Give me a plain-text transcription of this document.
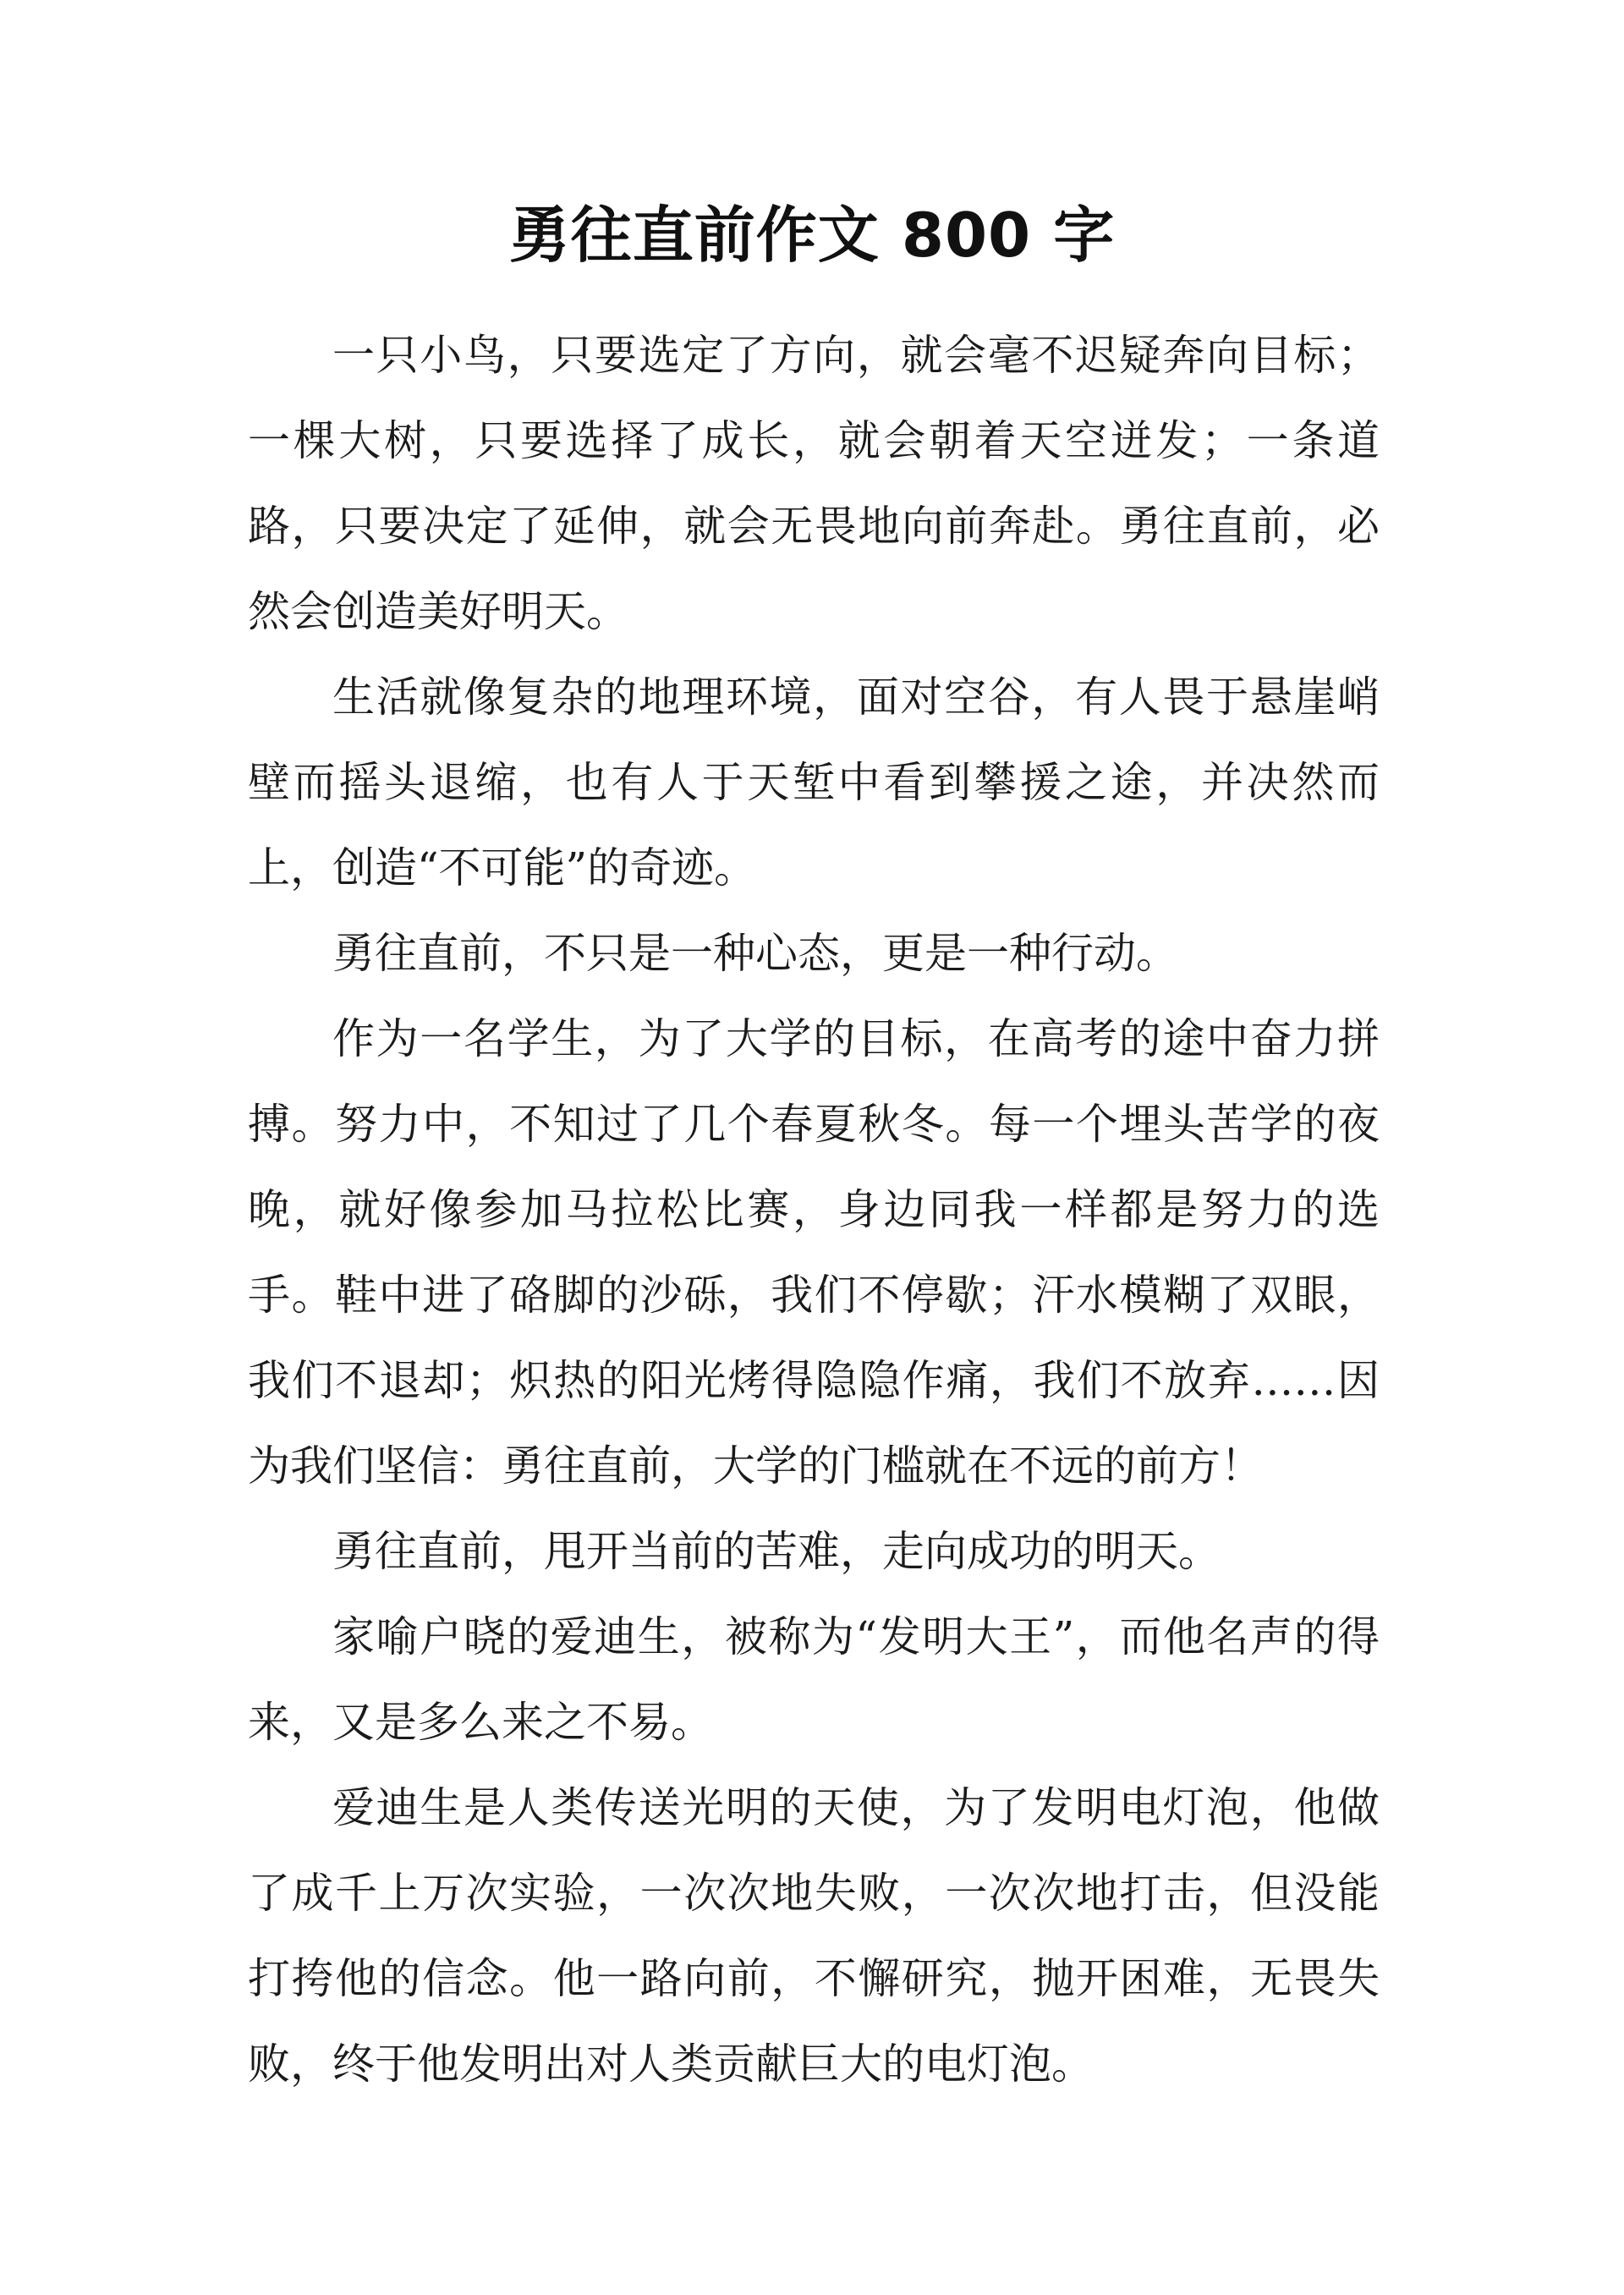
勇往直前作文 800 字

一只小鸟，只要选定了方向，就会毫不迟疑奔向目标；一棵大树，只要选择了成长，就会朝着天空迸发；一条道路，只要决定了延伸，就会无畏地向前奔赴。勇往直前，必然会创造美好明天。

生活就像复杂的地理环境，面对空谷，有人畏于悬崖峭壁而摇头退缩，也有人于天堑中看到攀援之途，并决然而上，创造“不可能”的奇迹。

勇往直前，不只是一种心态，更是一种行动。

作为一名学生，为了大学的目标，在高考的途中奋力拼搏。努力中，不知过了几个春夏秋冬。每一个埋头苦学的夜晚，就好像参加马拉松比赛，身边同我一样都是努力的选手。鞋中进了硌脚的沙砾，我们不停歇；汗水模糊了双眼，我们不退却；炽热的阳光烤得隐隐作痛，我们不放弃……因为我们坚信：勇往直前，大学的门槛就在不远的前方！

勇往直前，甩开当前的苦难，走向成功的明天。

家喻户晓的爱迪生，被称为“发明大王”，而他名声的得来，又是多么来之不易。

爱迪生是人类传送光明的天使，为了发明电灯泡，他做了成千上万次实验，一次次地失败，一次次地打击，但没能打挎他的信念。他一路向前，不懈研究，抛开困难，无畏失败，终于他发明出对人类贡献巨大的电灯泡。
